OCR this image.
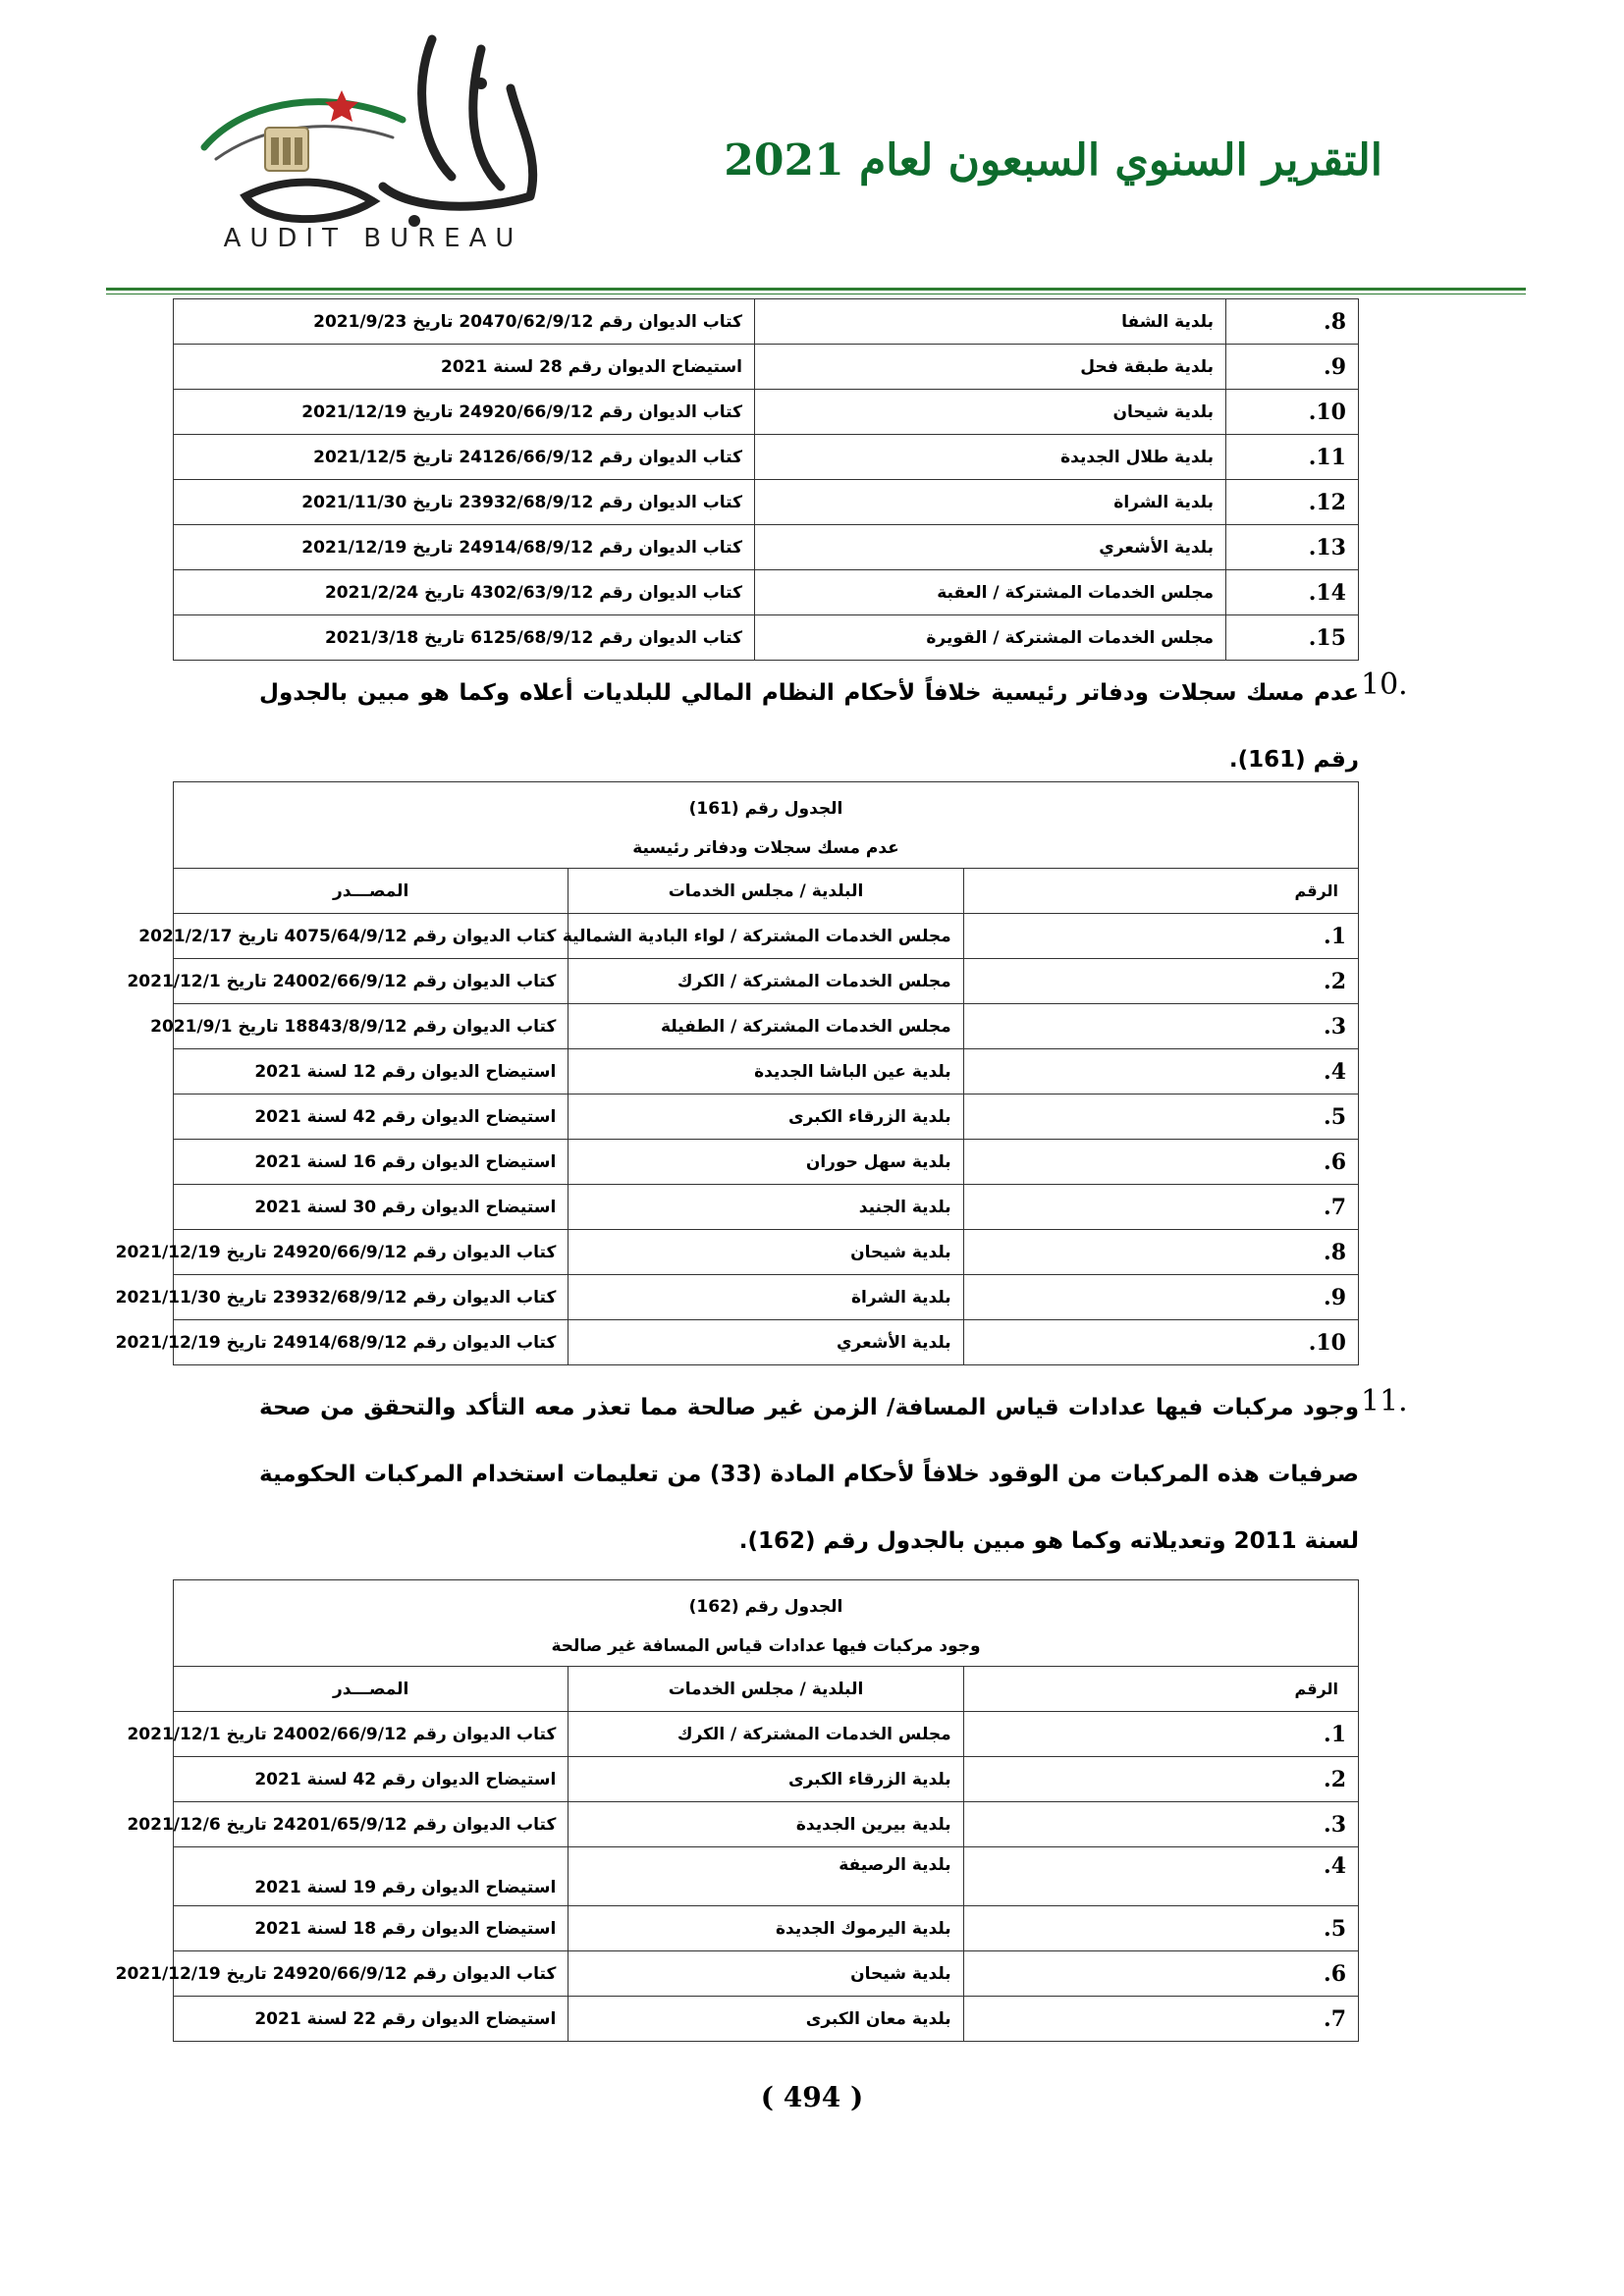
AUDIT BUREAU
التقرير السنوي السبعون لعام 2021
8.	بلدية الشفا	كتاب الديوان رقم 20470/62/9/12 تاريخ 2021/9/23
9.	بلدية طبقة فحل	استيضاح الديوان رقم 28 لسنة 2021
10.	بلدية شيحان	كتاب الديوان رقم 24920/66/9/12 تاريخ 2021/12/19
11.	بلدية طلال الجديدة	كتاب الديوان رقم 24126/66/9/12 تاريخ 2021/12/5
12.	بلدية الشراة	كتاب الديوان رقم 23932/68/9/12 تاريخ 2021/11/30
13.	بلدية الأشعري	كتاب الديوان رقم 24914/68/9/12 تاريخ 2021/12/19
14.	مجلس الخدمات المشتركة / العقبة	كتاب الديوان رقم 4302/63/9/12 تاريخ 2021/2/24
15.	مجلس الخدمات المشتركة / القويرة	كتاب الديوان رقم 6125/68/9/12 تاريخ 2021/3/18
10.
عدم مسك سجلات ودفاتر رئيسية خلافاً لأحكام النظام المالي للبلديات أعلاه وكما هو مبين بالجدول رقم (161).
الجدول رقم (161)
عدم مسك سجلات ودفاتر رئيسية		

الرقم	البلدية / مجلس الخدمات	المصـــدر
1.	مجلس الخدمات المشتركة / لواء البادية الشمالية	كتاب الديوان رقم 4075/64/9/12 تاريخ 2021/2/17
2.	مجلس الخدمات المشتركة / الكرك	كتاب الديوان رقم 24002/66/9/12 تاريخ 2021/12/1
3.	مجلس الخدمات المشتركة / الطفيلة	كتاب الديوان رقم 18843/8/9/12 تاريخ 2021/9/1
4.	بلدية عين الباشا الجديدة	استيضاح الديوان رقم 12 لسنة 2021
5.	بلدية الزرقاء الكبرى	استيضاح الديوان رقم 42 لسنة 2021
6.	بلدية سهل حوران	استيضاح الديوان رقم 16 لسنة 2021
7.	بلدية الجنيد	استيضاح الديوان رقم 30 لسنة 2021
8.	بلدية شيحان	كتاب الديوان رقم 24920/66/9/12 تاريخ 2021/12/19
9.	بلدية الشراة	كتاب الديوان رقم 23932/68/9/12 تاريخ 2021/11/30
10.	بلدية الأشعري	كتاب الديوان رقم 24914/68/9/12 تاريخ 2021/12/19
11.
وجود مركبات فيها عدادات قياس المسافة/ الزمن غير صالحة مما تعذر معه التأكد والتحقق من صحة صرفيات هذه المركبات من الوقود خلافاً لأحكام المادة (33) من تعليمات استخدام المركبات الحكومية لسنة 2011 وتعديلاته وكما هو مبين بالجدول رقم (162).
الجدول رقم (162)
وجود مركبات فيها عدادات قياس المسافة غير صالحة		

الرقم	البلدية / مجلس الخدمات	المصـــدر
1.	مجلس الخدمات المشتركة / الكرك	كتاب الديوان رقم 24002/66/9/12 تاريخ 2021/12/1
2.	بلدية الزرقاء الكبرى	استيضاح الديوان رقم 42 لسنة 2021
3.	بلدية بيرين الجديدة	كتاب الديوان رقم 24201/65/9/12 تاريخ 2021/12/6
4.	بلدية الرصيفة	استيضاح الديوان رقم 19 لسنة 2021
5.	بلدية اليرموك الجديدة	استيضاح الديوان رقم 18 لسنة 2021
6.	بلدية شيحان	كتاب الديوان رقم 24920/66/9/12 تاريخ 2021/12/19
7.	بلدية معان الكبرى	استيضاح الديوان رقم 22 لسنة 2021
( 494 )
